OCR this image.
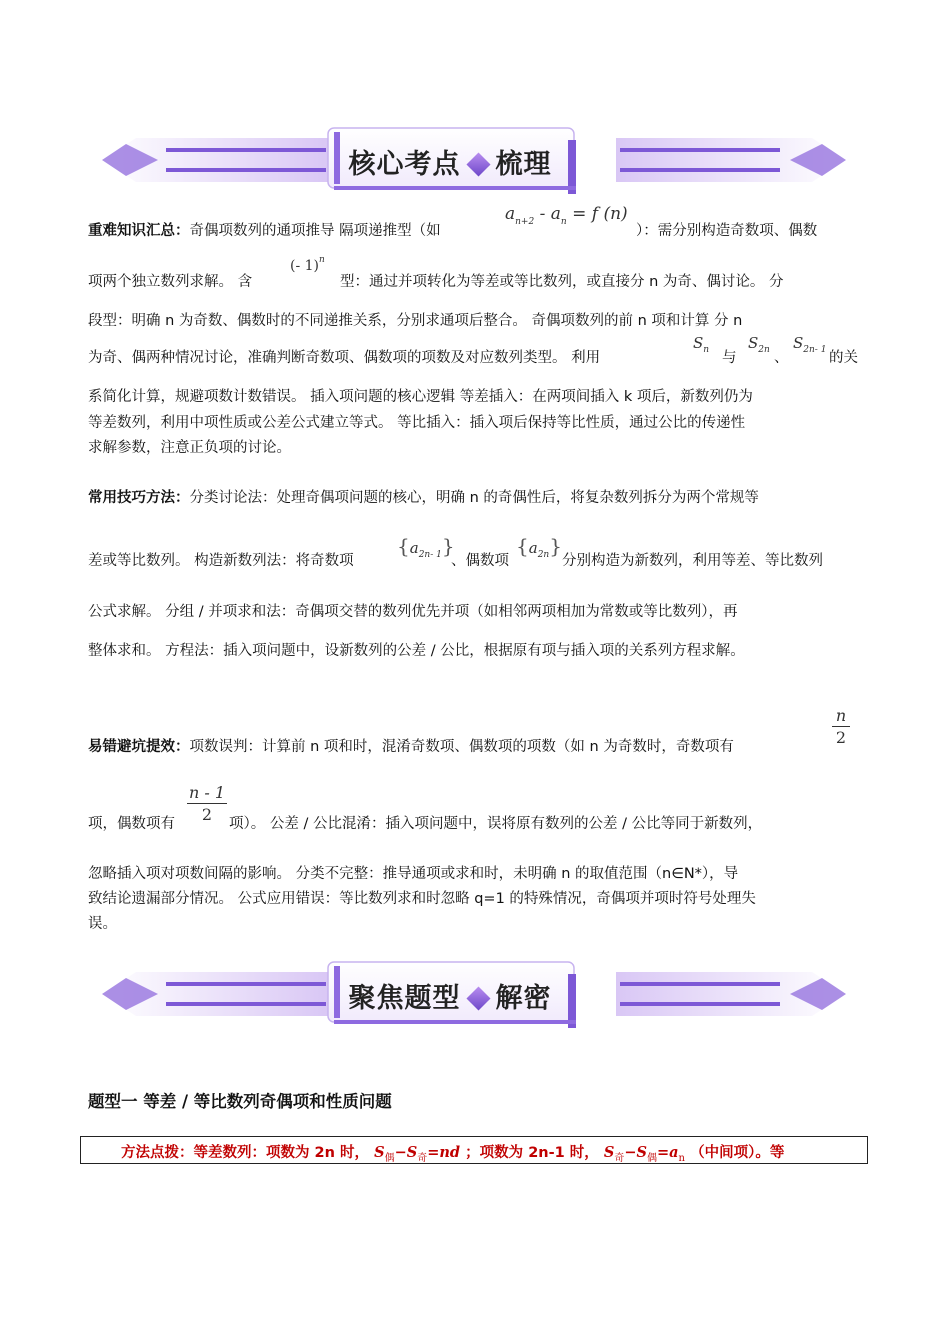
核心考点 梳理
重难知识汇总：奇偶项数列的通项推导 隔项递推型（如
$a_{n+2} - a_n = f$ (n)
）：需分别构造奇数项、偶数
项两个独立数列求解。 含
(- 1)$^n$
型：通过并项转化为等差或等比数列，或直接分 n 为奇、偶讨论。 分
段型：明确 n 为奇数、偶数时的不同递推关系，分别求通项后整合。 奇偶项数列的前 n 项和计算 分 n
为奇、偶两种情况讨论，准确判断奇数项、偶数项的项数及对应数列类型。 利用
$S_n$ 与
$S_{2n}$ 、
$S_{2n- 1}$ 的关
系简化计算，规避项数计数错误。 插入项问题的核心逻辑 等差插入：在两项间插入 k 项后，新数列仍为
等差数列，利用中项性质或公差公式建立等式。 等比插入：插入项后保持等比性质，通过公比的传递性
求解参数，注意正负项的讨论。
常用技巧方法：分类讨论法：处理奇偶项问题的核心，明确 n 的奇偶性后，将复杂数列拆分为两个常规等
差或等比数列。 构造新数列法：将奇数项
$\{a_{2n- 1}\}$
、偶数项
$\{a_{2n}\}$
分别构造为新数列，利用等差、等比数列
公式求解。 分组 / 并项求和法：奇偶项交替的数列优先并项（如相邻两项相加为常数或等比数列），再
整体求和。 方程法：插入项问题中，设新数列的公差 / 公比，根据原有项与插入项的关系列方程求解。
易错避坑提效：项数误判：计算前 n 项和时，混淆奇数项、偶数项的项数（如 n 为奇数时，奇数项有
n
2
项，偶数项有
n - 1
2	项）。 公差 / 公比混淆：插入项问题中，误将原有数列的公差 / 公比等同于新数列，
忽略插入项对项数间隔的影响。 分类不完整：推导通项或求和时，未明确 n 的取值范围（n∈N*），导
致结论遗漏部分情况。 公式应用错误：等比数列求和时忽略 q=1 的特殊情况，奇偶项并项时符号处理失
误。
聚焦题型 解密
题型一 等差 / 等比数列奇偶项和性质问题
方法点拨：等差数列：项数为 2n 时， $S_偶-S_奇=nd$ ；项数为 2n-1 时， $S_奇-S_偶=a_n$ （中间项）。等
